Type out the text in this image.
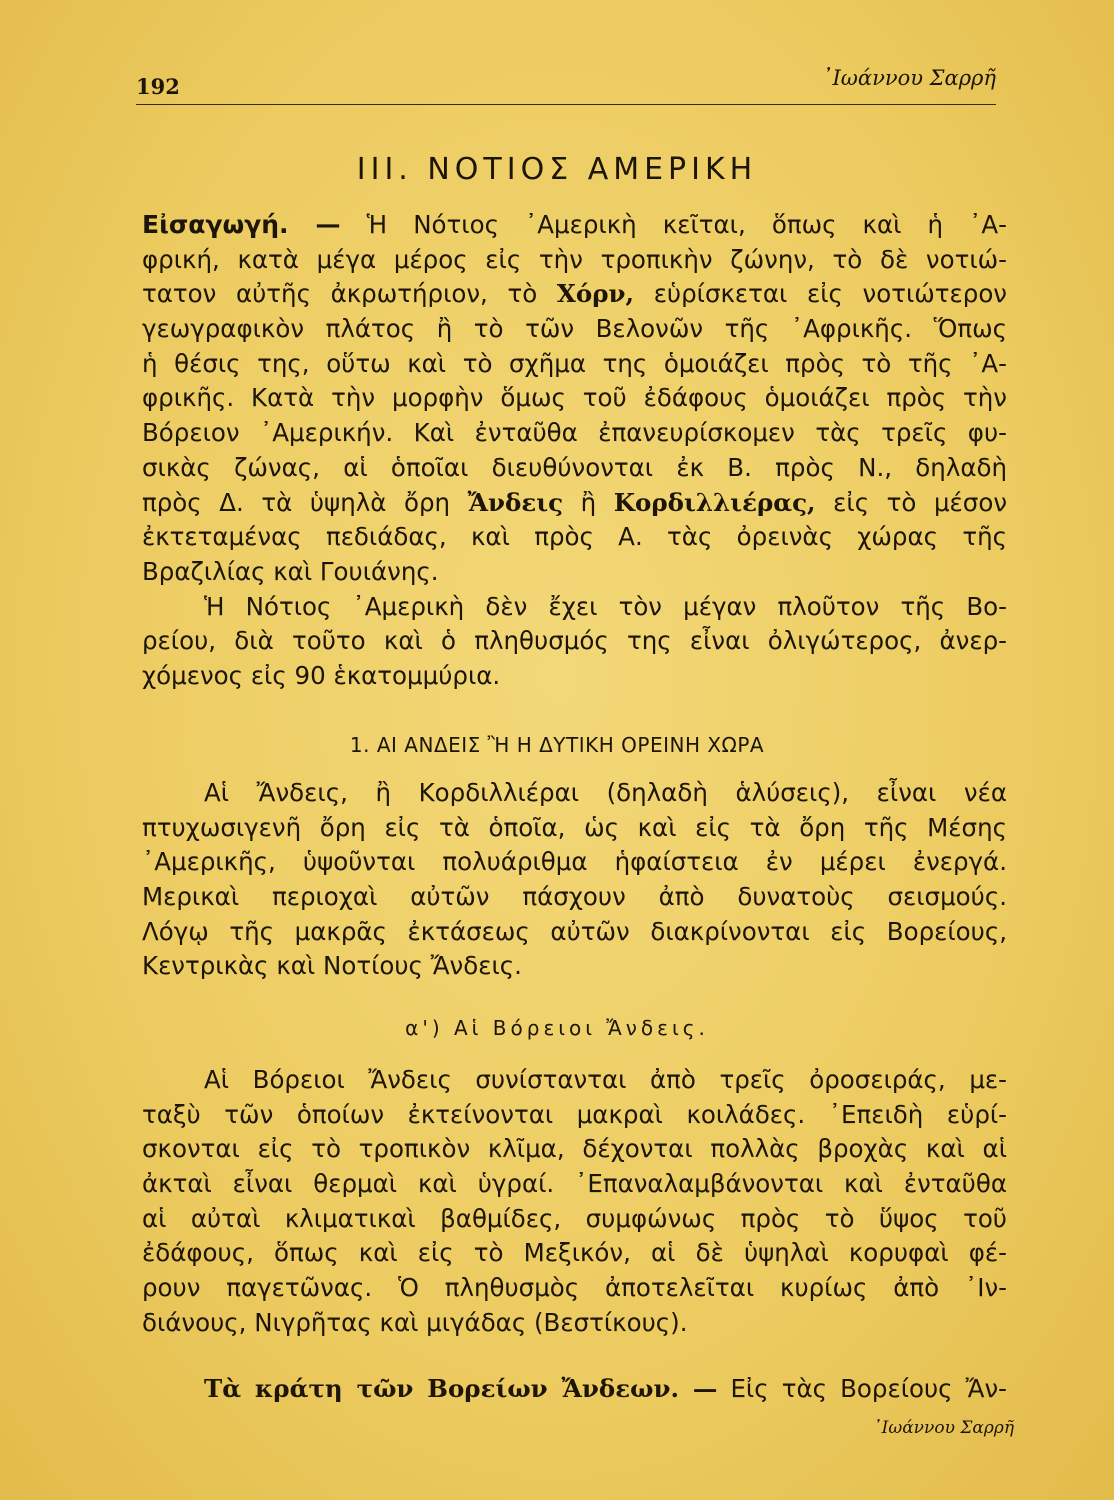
192	᾿Ιωάννου Σαρρῆ
III. ΝΟΤΙΟΣ ΑΜΕΡΙΚΗ
Εἰσαγωγή. — Ἡ Νότιος ᾿Αμερικὴ κεῖται, ὅπως καὶ ἡ ᾿Α-
φρική, κατὰ μέγα μέρος εἰς τὴν τροπικὴν ζώνην, τὸ δὲ νοτιώ-
τατον αὐτῆς ἀκρωτήριον, τὸ Χόρν, εὑρίσκεται εἰς νοτιώτερον
γεωγραφικὸν πλάτος ἢ τὸ τῶν Βελονῶν τῆς ᾿Αφρικῆς. Ὅπως
ἡ θέσις της, οὕτω καὶ τὸ σχῆμα της ὁμοιάζει πρὸς τὸ τῆς ᾿Α-
φρικῆς. Κατὰ τὴν μορφὴν ὅμως τοῦ ἐδάφους ὁμοιάζει πρὸς τὴν
Βόρειον ᾿Αμερικήν. Καὶ ἐνταῦθα ἐπανευρίσκομεν τὰς τρεῖς φυ-
σικὰς ζώνας, αἱ ὁποῖαι διευθύνονται ἐκ Β. πρὸς Ν., δηλαδὴ
πρὸς Δ. τὰ ὑψηλὰ ὄρη Ἄνδεις ἢ Κορδιλλιέρας, εἰς τὸ μέσον
ἐκτεταμένας πεδιάδας, καὶ πρὸς Α. τὰς ὀρεινὰς χώρας τῆς
Βραζιλίας καὶ Γουιάνης.
Ἡ Νότιος ᾿Αμερικὴ δὲν ἔχει τὸν μέγαν πλοῦτον τῆς Βο-
ρείου, διὰ τοῦτο καὶ ὁ πληθυσμός της εἶναι ὀλιγώτερος, ἀνερ-
χόμενος εἰς 90 ἑκατομμύρια.
1. ΑΙ ΑΝΔΕΙΣ Ἢ Η ΔΥΤΙΚΗ ΟΡΕΙΝΗ ΧΩΡΑ
Αἱ Ἄνδεις, ἢ Κορδιλλιέραι (δηλαδὴ ἁλύσεις), εἶναι νέα
πτυχωσιγενῆ ὄρη εἰς τὰ ὁποῖα, ὡς καὶ εἰς τὰ ὄρη τῆς Μέσης
᾿Αμερικῆς, ὑψοῦνται πολυάριθμα ἡφαίστεια ἐν μέρει ἐνεργά.
Μερικαὶ περιοχαὶ αὐτῶν πάσχουν ἀπὸ δυνατοὺς σεισμούς.
Λόγῳ τῆς μακρᾶς ἐκτάσεως αὐτῶν διακρίνονται εἰς Βορείους,
Κεντρικὰς καὶ Νοτίους Ἄνδεις.
α') Αἱ Βόρειοι Ἄνδεις.
Αἱ Βόρειοι Ἄνδεις συνίστανται ἀπὸ τρεῖς ὀροσειράς, με-
ταξὺ τῶν ὁποίων ἐκτείνονται μακραὶ κοιλάδες. ᾿Επειδὴ εὑρί-
σκονται εἰς τὸ τροπικὸν κλῖμα, δέχονται πολλὰς βροχὰς καὶ αἱ
ἀκταὶ εἶναι θερμαὶ καὶ ὑγραί. ᾿Επαναλαμβάνονται καὶ ἐνταῦθα
αἱ αὐταὶ κλιματικαὶ βαθμίδες, συμφώνως πρὸς τὸ ὕψος τοῦ
ἐδάφους, ὅπως καὶ εἰς τὸ Μεξικόν, αἱ δὲ ὑψηλαὶ κορυφαὶ φέ-
ρουν παγετῶνας. Ὁ πληθυσμὸς ἀποτελεῖται κυρίως ἀπὸ ᾿Ιν-
διάνους, Νιγρῆτας καὶ μιγάδας (Βεστίκους).
Τὰ κράτη τῶν Βορείων Ἄνδεων. — Εἰς τὰς Βορείους Ἄν-
᾿Ιωάννου Σαρρῆ
